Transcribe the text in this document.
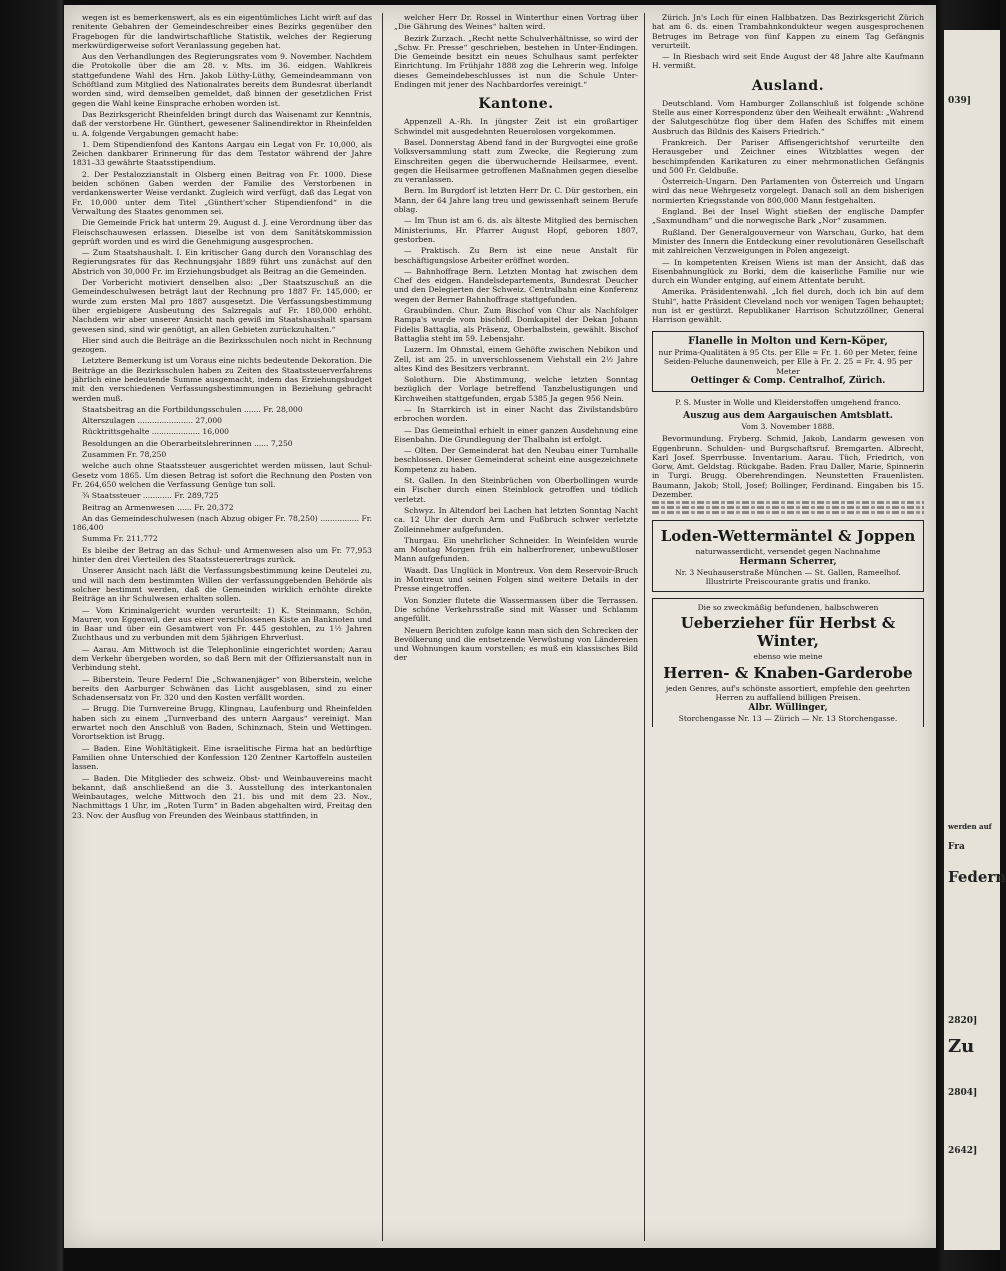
wegen ist es bemerkenswert, als es ein eigentümliches Licht wirft auf das renitente Gebahren der Gemeindeschreiber eines Bezirks gegenüber den Fragebogen für die landwirtschaftliche Statistik, welches der Regierung merkwürdigerweise sofort Veranlassung gegeben hat.

Aus den Verhandlungen des Regierungsrates vom 9. November. Nachdem die Protokolle über die am 28. v. Mts. im 36. eidgen. Wahlkreis stattgefundene Wahl des Hrn. Jakob Lüthy-Lüthy, Gemeindeammann von Schöftland zum Mitglied des Nationalrates bereits dem Bundesrat überlandt worden sind, wird demselben gemeldet, daß binnen der gesetzlichen Frist gegen die Wahl keine Einsprache erhoben worden ist.

Das Bezirksgericht Rheinfelden bringt durch das Waisenamt zur Kenntnis, daß der verstorbene Hr. Günthert, gewesener Salinendirektor in Rheinfelden u. A. folgende Vergabungen gemacht habe:

1. Dem Stipendienfond des Kantons Aargau ein Legat von Fr. 10,000, als Zeichen dankbarer Erinnerung für das dem Testator während der Jahre 1831–33 gewährte Staatsstipendium.

2. Der Pestalozzianstalt in Olsberg einen Beitrag von Fr. 1000. Diese beiden schönen Gaben werden der Familie des Verstorbenen in verdankenswerter Weise verdankt. Zugleich wird verfügt, daß das Legat von Fr. 10,000 unter dem Titel „Günthert'scher Stipendienfond“ in die Verwaltung des Staates genommen sei.

Die Gemeinde Frick hat unterm 29. August d. J. eine Verordnung über das Fleischschauwesen erlassen. Dieselbe ist von dem Sanitätskommission geprüft worden und es wird die Genehmigung ausgesprochen.

— Zum Staatshaushalt. I. Ein kritischer Gang durch den Voranschlag des Regierungsrates für das Rechnungsjahr 1889 führt uns zunächst auf den Abstrich von 30,000 Fr. im Erziehungsbudget als Beitrag an die Gemeinden.

Der Vorbericht motiviert denselben also: „Der Staatszuschuß an die Gemeindeschulwesen beträgt laut der Rechnung pro 1887 Fr. 145,000; er wurde zum ersten Mal pro 1887 ausgesetzt. Die Verfassungsbestimmung über ergiebigere Ausbeutung des Salzregals auf Fr. 180,000 erhöht. Nachdem wir aber unserer Ansicht nach gewiß im Staatshaushalt sparsam gewesen sind, sind wir genötigt, an allen Gebieten zurückzuhalten.“

Hier sind auch die Beiträge an die Bezirksschulen noch nicht in Rechnung gezogen.

Letztere Bemerkung ist um Voraus eine nichts bedeutende Dekoration. Die Beiträge an die Bezirksschulen haben zu Zeiten des Staatssteuerverfahrens jährlich eine bedeutende Summe ausgemacht, indem das Erziehungsbudget mit den verschiedenen Verfassungsbestimmungen in Beziehung gebracht werden muß.

Staatsbeitrag an die Fortbildungsschulen ....... Fr. 28,000

Alterszulagen ....................... 27,000

Rücktrittsgehalte .................... 16,000

Besoldungen an die Oberarbeitslehrerinnen ...... 7,250

Zusammen Fr. 78,250

welche auch ohne Staatssteuer ausgerichtet werden müssen, laut Schul-Gesetz vom 1865. Um diesen Betrag ist sofort die Rechnung den Posten von Fr. 264,650 welchen die Verfassung Genüge tun soll.

¾ Staatssteuer ............ Fr. 289,725

Beitrag an Armenwesen ...... Fr. 20,372

An das Gemeindeschulwesen (nach Abzug obiger Fr. 78,250) ................ Fr. 186,400

Summa Fr. 211,772

Es bleibe der Betrag an das Schul- und Armenwesen also um Fr. 77,953 hinter den drei Vierteilen des Staatssteuerertrags zurück.

Unserer Ansicht nach läßt die Verfassungsbestimmung keine Deutelei zu, und will nach dem bestimmten Willen der verfassunggebenden Behörde als solcher bestimmt werden, daß die Gemeinden wirklich erhöhte direkte Beiträge an ihr Schulwesen erhalten sollen.

— Vom Kriminalgericht wurden verurteilt: 1) K. Steinmann, Schön, Maurer, von Eggenwil, der aus einer verschlossenen Kiste an Banknoten und in Baar und über ein Gesamtwert von Fr. 445 gestohlen, zu 1½ Jahren Zuchthaus und zu verbunden mit dem 5jährigen Ehrverlust.

— Aarau. Am Mittwoch ist die Telephonlinie eingerichtet worden; Aarau dem Verkehr übergeben worden, so daß Bern mit der Offiziersanstalt nun in Verbindung steht.

— Biberstein. Teure Federn! Die „Schwanenjäger“ von Biberstein, welche bereits den Aarburger Schwänen das Licht ausgeblasen, sind zu einer Schadensersatz von Fr. 320 und den Kosten verfällt worden.

— Brugg. Die Turnvereine Brugg, Klingnau, Laufenburg und Rheinfelden haben sich zu einem „Turnverband des untern Aargaus“ vereinigt. Man erwartet noch den Anschluß von Baden, Schinznach, Stein und Wettingen. Vorortsektion ist Brugg.

— Baden. Eine Wohltätigkeit. Eine israelitische Firma hat an bedürftige Familien ohne Unterschied der Konfession 120 Zentner Kartoffeln austeilen lassen.

— Baden. Die Mitglieder des schweiz. Obst- und Weinbauvereins macht bekannt, daß anschließend an die 3. Ausstellung des interkantonalen Weinbautages, welche Mittwoch den 21. bis und mit dem 23. Nov., Nachmittags 1 Uhr, im „Roten Turm“ in Baden abgehalten wird, Freitag den 23. Nov. der Ausflug von Freunden des Weinbaus stattfinden, in

welcher Herr Dr. Rossel in Winterthur einen Vortrag über „Die Gährung des Weines“ halten wird.

Bezirk Zurzach. „Recht nette Schulverhältnisse, so wird der „Schw. Fr. Presse“ geschrieben, bestehen in Unter-Endingen. Die Gemeinde besitzt ein neues Schulhaus samt perfekter Einrichtung. Im Frühjahr 1888 zog die Lehrerin weg. Infolge dieses Gemeindebeschlusses ist nun die Schule Unter-Endingen mit jener des Nachbardorfes vereinigt.“

Kantone.

Appenzell A.-Rh. In jüngster Zeit ist ein großartiger Schwindel mit ausgedehnten Reuerolosen vorgekommen.

Basel. Donnerstag Abend fand in der Burgvogtei eine große Volksversammlung statt zum Zwecke, die Regierung zum Einschreiten gegen die überwuchernde Heilsarmee, event. gegen die Heilsarmee getroffenen Maßnahmen gegen dieselbe zu veranlassen.

Bern. Im Burgdorf ist letzten Herr Dr. C. Dür gestorben, ein Mann, der 64 Jahre lang treu und gewissenhaft seinem Berufe oblag.

— Im Thun ist am 6. ds. als älteste Mitglied des bernischen Ministeriums, Hr. Pfarrer August Hopf, geboren 1807, gestorben.

— Praktisch. Zu Bern ist eine neue Anstalt für beschäftigungslose Arbeiter eröffnet worden.

— Bahnhoffrage Bern. Letzten Montag hat zwischen dem Chef des eidgen. Handelsdepartements, Bundesrat Deucher und den Delegierten der Schweiz. Centralbahn eine Konferenz wegen der Berner Bahnhoffrage stattgefunden.

Graubünden. Chur. Zum Bischof von Chur als Nachfolger Rampa's wurde vom bischöfl. Domkapitel der Dekan Johann Fidelis Battaglia, als Präsenz, Oberbalbstein, gewählt. Bischof Battaglia steht im 59. Lebensjahr.

Luzern. Im Ohmstal, einem Gehöfte zwischen Nebikon und Zell, ist am 25. in unverschlossenem Viehstall ein 2½ Jahre altes Kind des Besitzers verbrannt.

Solothurn. Die Abstimmung, welche letzten Sonntag bezüglich der Vorlage betreffend Tanzbelustigungen und Kirchweihen stattgefunden, ergab 5385 Ja gegen 956 Nein.

— In Starrkirch ist in einer Nacht das Zivilstandsbüro erbrochen worden.

— Das Gemeinthal erhielt in einer ganzen Ausdehnung eine Eisenbahn. Die Grundlegung der Thalbahn ist erfolgt.

— Olten. Der Gemeinderat hat den Neubau einer Turnhalle beschlossen. Dieser Gemeinderat scheint eine ausgezeichnete Kompetenz zu haben.

St. Gallen. In den Steinbrüchen von Oberbollingen wurde ein Fischer durch einen Steinblock getroffen und tödlich verletzt.

Schwyz. In Altendorf bei Lachen hat letzten Sonntag Nacht ca. 12 Uhr der durch Arm und Fußbruch schwer verletzte Zolleinnehmer aufgefunden.

Thurgau. Ein unehrlicher Schneider. In Weinfelden wurde am Montag Morgen früh ein halberfrorener, unbewußtloser Mann aufgefunden.

Waadt. Das Unglück in Montreux. Von dem Reservoir-Bruch in Montreux und seinen Folgen sind weitere Details in der Presse eingetroffen.

Von Sonzier flutete die Wassermassen über die Terrassen. Die schöne Verkehrsstraße sind mit Wasser und Schlamm angefüllt.

Neuern Berichten zufolge kann man sich den Schrecken der Bevölkerung und die entsetzende Verwüstung von Ländereien und Wohnungen kaum vorstellen; es muß ein klassisches Bild der

Zürich. Jn's Loch für einen Halbbatzen. Das Bezirksgericht Zürich hat am 6. ds. einen Trambahnkondukteur wegen ausgesprochenen Betruges im Betrage von fünf Kappen zu einem Tag Gefängnis verurteilt.

— In Riesbach wird seit Ende August der 48 Jahre alte Kaufmann H. vermißt.

Ausland.

Deutschland. Vom Hamburger Zollanschluß ist folgende schöne Stelle aus einer Korrespondenz über den Weihealt erwähnt: „Wahrend der Salutgeschütze flog über dem Hafen des Schiffes mit einem Ausbruch das Bildnis des Kaisers Friedrich.“

Frankreich. Der Pariser Affisengerichtshof verurteilte den Herausgeber und Zeichner eines Witzblattes wegen der beschimpfenden Karikaturen zu einer mehrmonatlichen Gefängnis und 500 Fr. Geldbuße.

Österreich-Ungarn. Den Parlamenten von Österreich und Ungarn wird das neue Wehrgesetz vorgelegt. Danach soll an dem bisherigen normierten Kriegsstande von 800,000 Mann festgehalten.

England. Bei der Insel Wight stießen der englische Dampfer „Saxmundham“ und die norwegische Bark „Nor“ zusammen.

Rußland. Der Generalgouverneur von Warschau, Gurko, hat dem Minister des Innern die Entdeckung einer revolutionären Gesellschaft mit zahlreichen Verzweigungen in Polen angezeigt.

— In kompetenten Kreisen Wiens ist man der Ansicht, daß das Eisenbahnunglück zu Borki, dem die kaiserliche Familie nur wie durch ein Wunder entging, auf einem Attentate beruht.

Amerika. Präsidentenwahl. „Ich fiel durch, doch ich bin auf dem Stuhl“, hatte Präsident Cleveland noch vor wenigen Tagen behauptet; nun ist er gestürzt. Republikaner Harrison Schutzzöllner, General Harrison gewählt.

Flanelle in Molton und Kern-Köper,
nur Prima-Qualitäten à 95 Cts. per Elle = Fr. 1. 60 per Meter, feine Seiden-Peluche daunenweich, per Elle à Fr. 2. 25 = Fr. 4. 95 per Meter
Oettinger & Comp. Centralhof, Zürich.
P. S. Muster in Wolle und Kleiderstoffen umgehend franco.
Auszug aus dem Aargauischen Amtsblatt.
Vom 3. November 1888.

Bevormundung. Fryberg. Schmid, Jakob, Landarm gewesen von Eggenbrunn. Schulden- und Burgschaftsruf. Bremgarten. Albrecht, Karl Josef. Sperrbusse. Inventarium. Aarau. Tüch, Friedrich, von Gorw, Amt. Geldstag. Rückgabe. Baden. Frau Daller, Marie, Spinnerin in Turgi. Brugg. Oberehrendingen. Neunstetten Frauenlisten. Baumann, Jakob; Stoll, Josef; Bollinger, Ferdinand. Eingaben bis 15. Dezember.

Loden-Wettermäntel & Joppen
naturwasserdicht, versendet gegen Nachnahme
Hermann Scherrer,
Nr. 3 Neuhauserstraße München — St. Gallen, Rameelhof.
Illustrirte Preiscourante gratis und franko.
Die so zweckmäßig befundenen, halbschweren
Ueberzieher für Herbst & Winter,
ebenso wie meine
Herren- & Knaben-Garderobe
jeden Genres, auf's schönste assortiert, empfehle den geehrten Herren zu auffallend billigen Preisen.
Albr. Wüllinger,
Storchengasse Nr. 13 — Zürich — Nr. 13 Storchengasse.
039]
Fra
werden auf
Federn
2820]
Zu
2804]
2642]
